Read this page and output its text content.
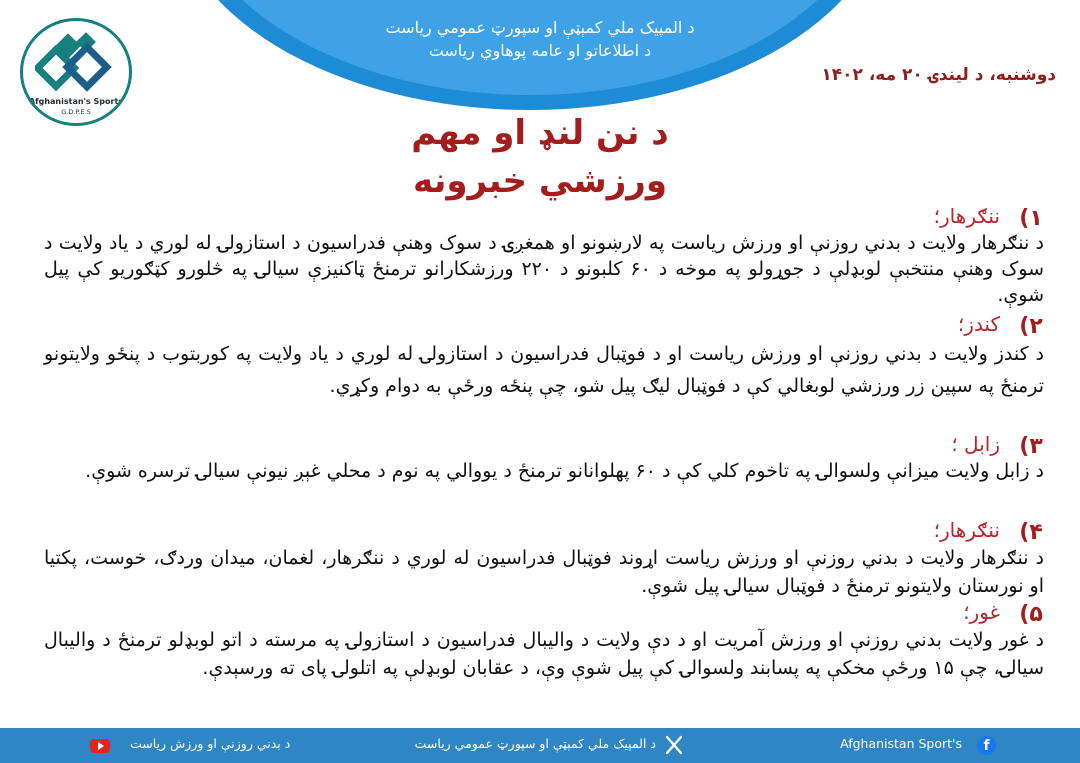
د المپیک ملي کمېټې او سپورټ عمومي ریاست
د اطلاعاتو او عامه پوهاوي ریاست
Afghanistan's Sports
G.D.P.E.S
دوشنبه، د لیندۍ ۲۰ مه، ۱۴۰۲
د نن لنډ او مهم
ورزشي خبرونه
۱)
ننګرهار؛
د ننګرهار ولایت د بدني روزنې او ورزش ریاست په لارښونو او همغږۍ د سوک وهنې فدراسیون د استازولۍ له لوري د یاد ولایت د سوک وهنې منتخبې لوبډلې د جوړولو په موخه د ۶۰ کلبونو د ۲۲۰ ورزشکارانو ترمنځ ټاکنیزې سیالۍ په څلورو کټګوریو کې پیل شوې.
۲)
کندز؛
د کندز ولایت د بدني روزنې او ورزش ریاست او د فوټبال فدراسیون د استازولۍ له لوري د یاد ولایت په کوربتوب د پنځو ولایتونو ترمنځ په سپین زر ورزشي لوبغالي کې د فوټبال لیګ پیل شو، چې پنځه ورځې به دوام وکړي.
۳)
زابل ؛
د زابل ولایت میزانې ولسوالۍ په تاخوم کلي کې د ۶۰ پهلوانانو ترمنځ د یووالي په نوم د محلي غېږ نیونې سیالۍ ترسره شوې.
۴)
ننګرهار؛
د ننګرهار ولایت د بدني روزنې او ورزش ریاست اړوند فوټبال فدراسیون له لوري د ننګرهار، لغمان، میدان وردګ، خوست، پکتیا او نورستان ولایتونو ترمنځ د فوټبال سیالۍ پیل شوې.
۵)
غور؛
د غور ولایت بدني روزنې او ورزش آمریت او د دې ولایت د والیبال فدراسیون د استازولۍ په مرسته د اتو لوبډلو ترمنځ د والیبال سیالۍ، چې ۱۵ ورځې مخکې په پسابند ولسوالۍ کې پیل شوې وې، د عقابان لوبډلې په اتلولۍ پای ته ورسېدې.
f
Afghanistan Sport's
د المپیک ملي کمېټې او سپورټ عمومي ریاست
د بدني روزنې او ورزش ریاست
